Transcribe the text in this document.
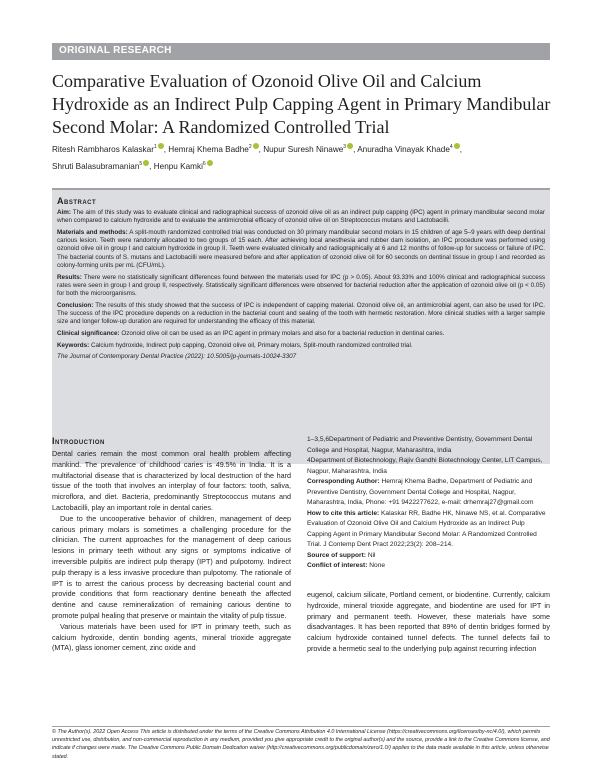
ORIGINAL RESEARCH
Comparative Evaluation of Ozonoid Olive Oil and Calcium Hydroxide as an Indirect Pulp Capping Agent in Primary Mandibular Second Molar: A Randomized Controlled Trial
Ritesh Rambharos Kalaskar$^1$ , Hemraj Khema Badhe$^2$ , Nupur Suresh Ninawe$^3$ , Anuradha Vinayak Khade$^4$ ,
Shruti Balasubramanian$^5$ , Henpu Kamki$^6$
Abstract

Aim: The aim of this study was to evaluate clinical and radiographical success of ozonoid olive oil as an indirect pulp capping (IPC) agent in primary mandibular second molar when compared to calcium hydroxide and to evaluate the antimicrobial efficacy of ozonoid olive oil on Streptococcus mutans and Lactobacilli.

Materials and methods: A split-mouth randomized controlled trial was conducted on 30 primary mandibular second molars in 15 children of age 5–9 years with deep dentinal carious lesion. Teeth were randomly allocated to two groups of 15 each. After achieving local anesthesia and rubber dam isolation, an IPC procedure was performed using ozonoid olive oil in group I and calcium hydroxide in group II. Teeth were evaluated clinically and radiographically at 6 and 12 months of follow-up for success or failure of IPC. The bacterial counts of S. mutans and Lactobacilli were measured before and after application of ozonoid olive oil for 60 seconds on dentinal tissue in group I and recorded as colony-forming units per mL (CFU/mL).

Results: There were no statistically significant differences found between the materials used for IPC (p > 0.05). About 93.33% and 100% clinical and radiographical success rates were seen in group I and group II, respectively. Statistically significant differences were observed for bacterial reduction after the application of ozonoid olive oil (p < 0.05) for both the microorganisms.

Conclusion: The results of this study showed that the success of IPC is independent of capping material. Ozonoid olive oil, an antimicrobial agent, can also be used for IPC. The success of the IPC procedure depends on a reduction in the bacterial count and sealing of the tooth with hermetic restoration. More clinical studies with a larger sample size and longer follow-up duration are required for understanding the efficacy of this material.

Clinical significance: Ozonoid olive oil can be used as an IPC agent in primary molars and also for a bacterial reduction in dentinal caries.

Keywords: Calcium hydroxide, Indirect pulp capping, Ozonoid olive oil, Primary molars, Split-mouth randomized controlled trial.

The Journal of Contemporary Dental Practice (2022): 10.5005/jp-journals-10024-3307

Introduction

Dental caries remain the most common oral health problem affecting mankind. The prevalence of childhood caries is 49.5% in India. It is a multifactorial disease that is characterized by local destruction of the hard tissue of the tooth that involves an interplay of four factors: tooth, saliva, microflora, and diet. Bacteria, predominantly Streptococcus mutans and Lactobacilli, play an important role in dental caries.

Due to the uncooperative behavior of children, management of deep carious primary molars is sometimes a challenging procedure for the clinician. The current approaches for the management of deep carious lesions in primary teeth without any signs or symptoms indicative of irreversible pulpitis are indirect pulp therapy (IPT) and pulpotomy. Indirect pulp therapy is a less invasive procedure than pulpotomy. The rationale of IPT is to arrest the carious process by decreasing bacterial count and provide conditions that form reactionary dentine beneath the affected dentine and cause remineralization of remaining carious dentine to promote pulpal healing that preserve or maintain the vitality of pulp tissue.

Various materials have been used for IPT in primary teeth, such as calcium hydroxide, dentin bonding agents, mineral trioxide aggregate (MTA), glass ionomer cement, zinc oxide and

1–3,5,6Department of Pediatric and Preventive Dentistry, Government Dental College and Hospital, Nagpur, Maharashtra, India

4Department of Biotechnology, Rajiv Gandhi Biotechnology Center, LIT Campus, Nagpur, Maharashtra, India

Corresponding Author: Hemraj Khema Badhe, Department of Pediatric and Preventive Dentistry, Government Dental College and Hospital, Nagpur, Maharashtra, India, Phone: +91 9422277622, e-mail: drhemraj27@gmail.com

How to cite this article: Kalaskar RR, Badhe HK, Ninawe NS, et al. Comparative Evaluation of Ozonoid Olive Oil and Calcium Hydroxide as an Indirect Pulp Capping Agent in Primary Mandibular Second Molar: A Randomized Controlled Trial. J Contemp Dent Pract 2022;23(2): 208–214.

Source of support: Nil

Conflict of interest: None

eugenol, calcium silicate, Portland cement, or biodentine. Currently, calcium hydroxide, mineral trioxide aggregate, and biodentine are used for IPT in primary and permanent teeth. However, these materials have some disadvantages. It has been reported that 89% of dentin bridges formed by calcium hydroxide contained tunnel defects. The tunnel defects fail to provide a hermetic seal to the underlying pulp against recurring infection

© The Author(s). 2022 Open Access This article is distributed under the terms of the Creative Commons Attribution 4.0 International License (https://creativecommons.org/licenses/by-nc/4.0/), which permits unrestricted use, distribution, and non-commercial reproduction in any medium, provided you give appropriate credit to the original author(s) and the source, provide a link to the Creative Commons license, and indicate if changes were made. The Creative Commons Public Domain Dedication waiver (http://creativecommons.org/publicdomain/zero/1.0/) applies to the data made available in this article, unless otherwise stated.
